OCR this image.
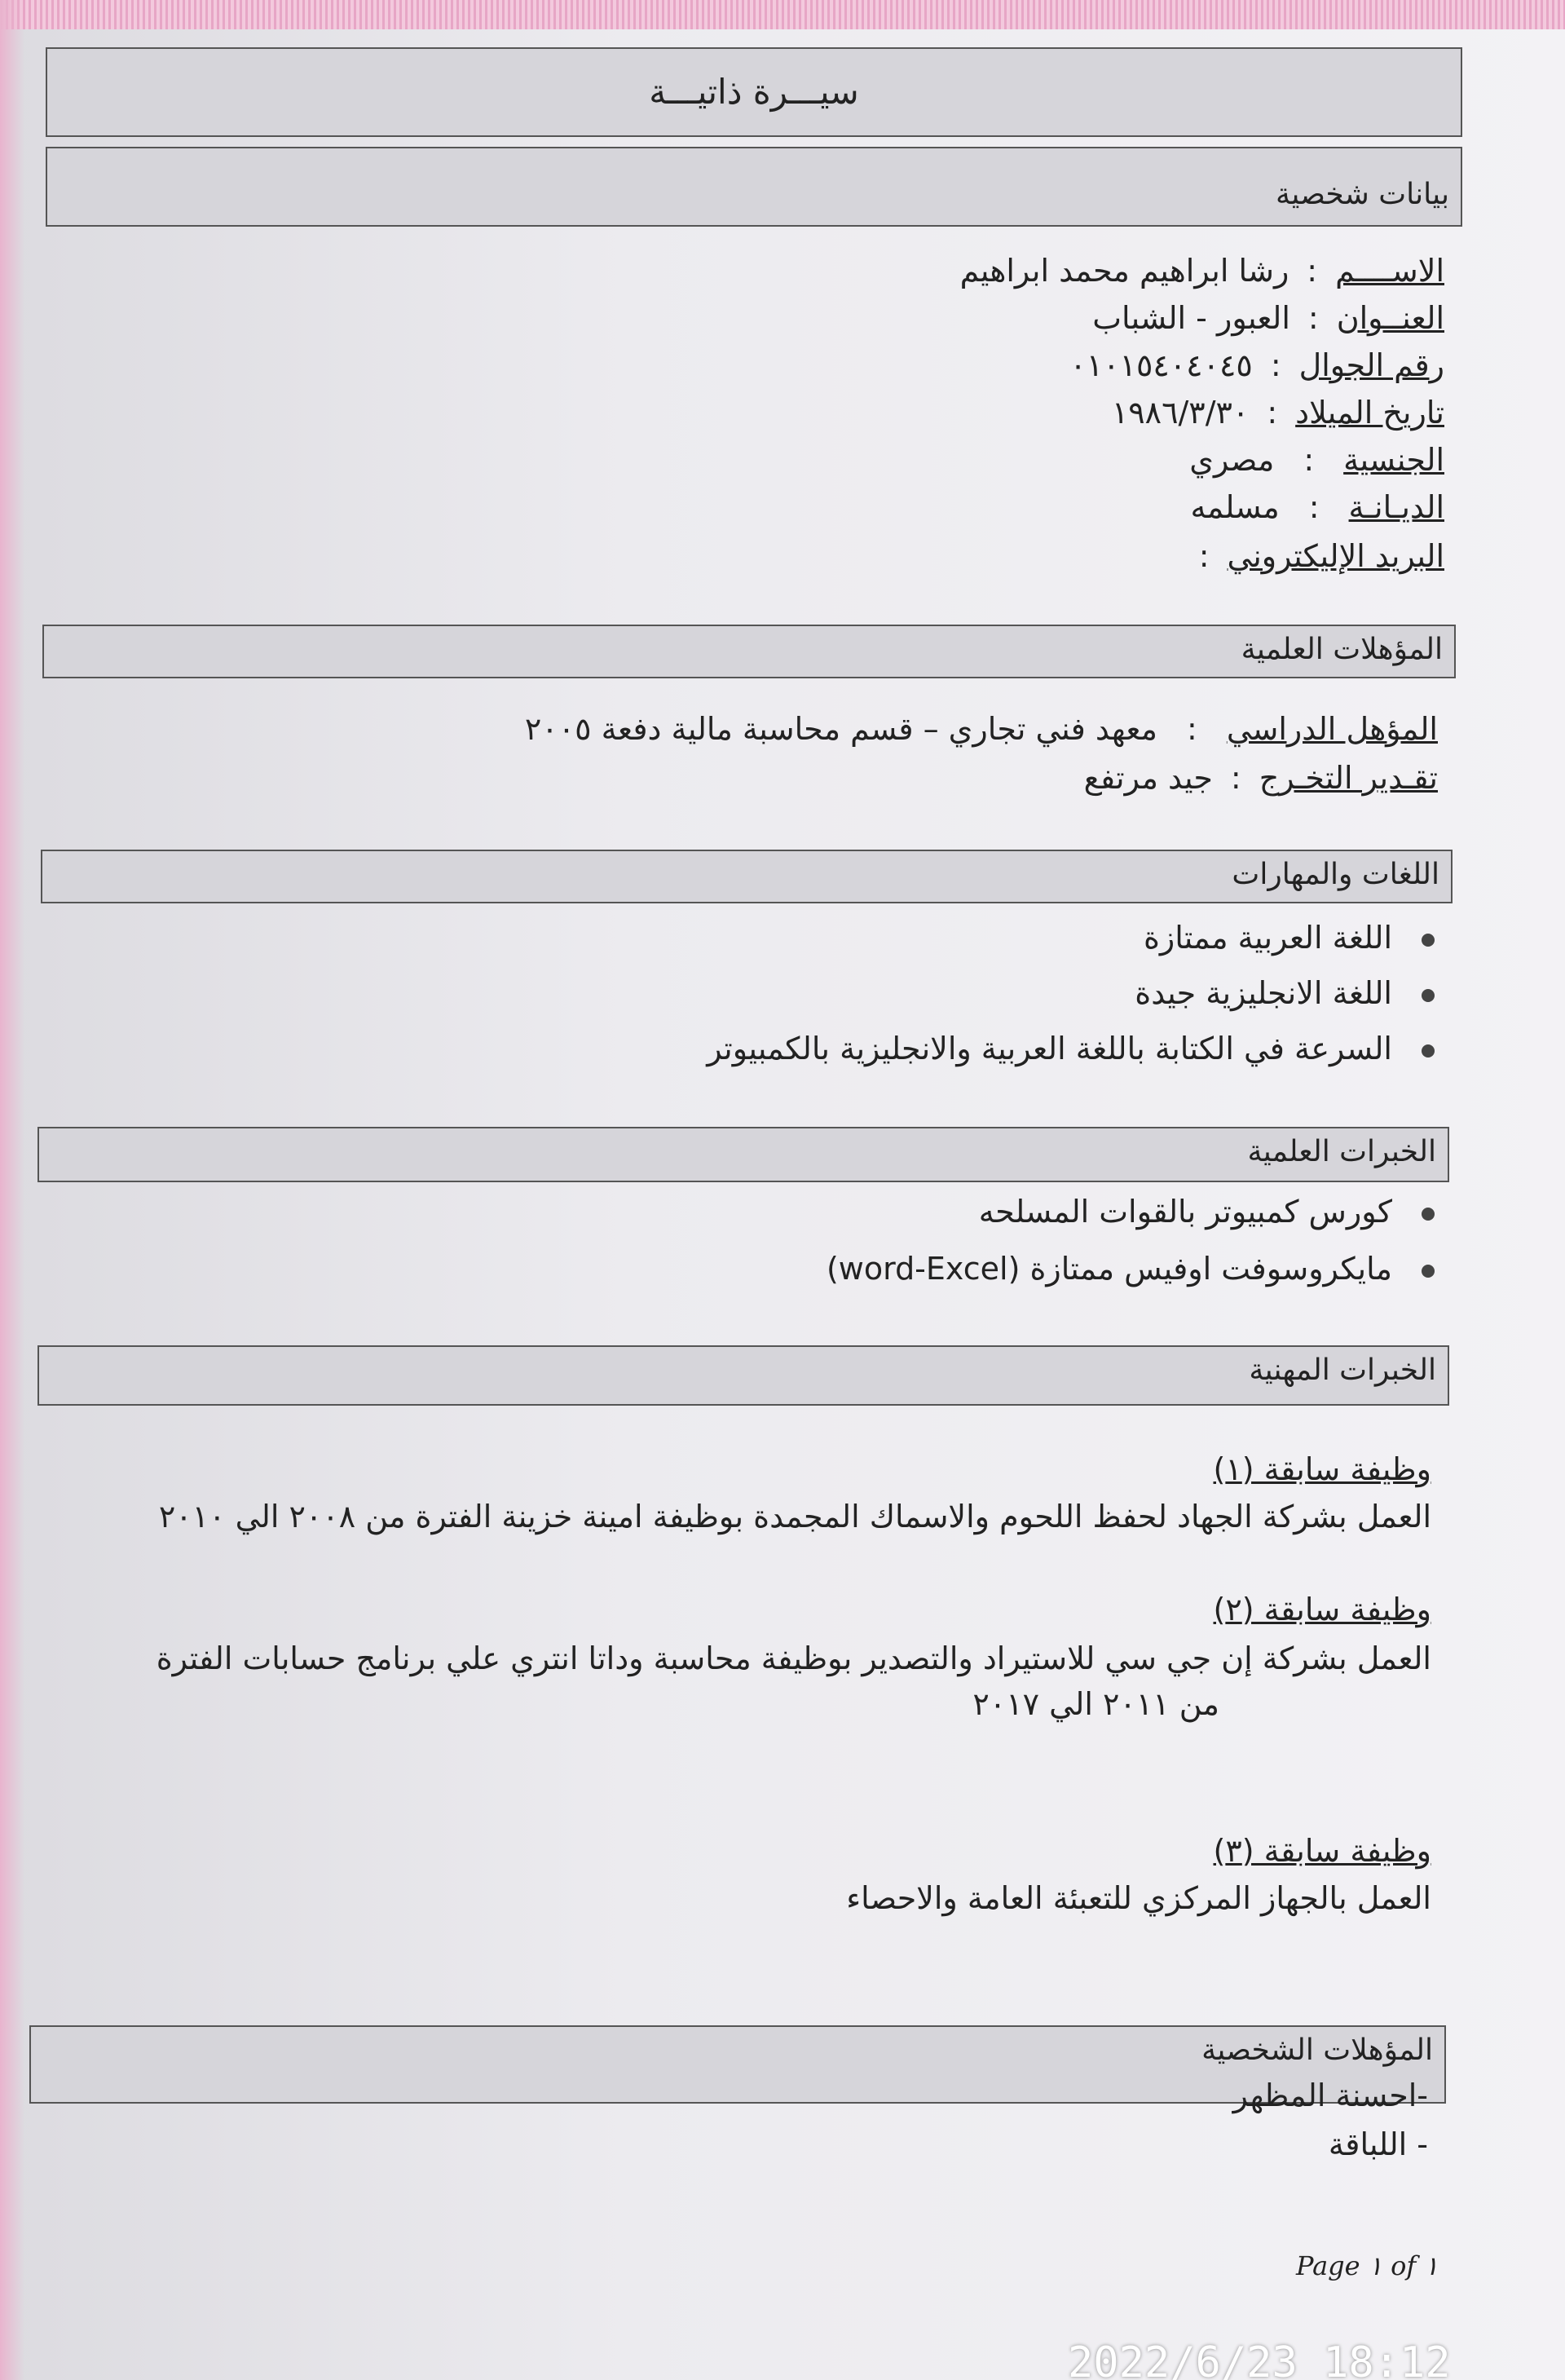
سيـــرة ذاتيـــة
بيانات شخصية
الاســــم:رشا ابراهيم محمد ابراهيم
العنــوان:العبور - الشباب
رقم الجوال:٠١٠١٥٤٠٤٠٤٥
تاريخ الميلاد:١٩٨٦/٣/٣٠
الجنسية:مصري
الديـانـة:مسلمه
البريد الإليكتروني:
المؤهلات العلمية
المؤهل الدراسي:معهد فني تجاري – قسم محاسبة مالية دفعة ٢٠٠٥
تقـدير التخـرج:جيد مرتفع
اللغات والمهارات
اللغة العربية ممتازة
اللغة الانجليزية جيدة
السرعة في الكتابة باللغة العربية والانجليزية بالكمبيوتر
الخبرات العلمية
كورس كمبيوتر بالقوات المسلحه
مايكروسوفت اوفيس ممتازة (word-Excel)
الخبرات المهنية
وظيفة سابقة (١)
العمل بشركة الجهاد لحفظ اللحوم والاسماك المجمدة بوظيفة امينة خزينة الفترة من ٢٠٠٨ الي ٢٠١٠
وظيفة سابقة (٢)
العمل بشركة إن جي سي للاستيراد والتصدير بوظيفة محاسبة وداتا انتري علي برنامج حسابات الفترة
من ٢٠١١ الي ٢٠١٧
وظيفة سابقة (٣)
العمل بالجهاز المركزي للتعبئة العامة والاحصاء
المؤهلات الشخصية
-احسنة المظهر
- اللباقة
Page ١ of ١
2022/6/23 18:12
